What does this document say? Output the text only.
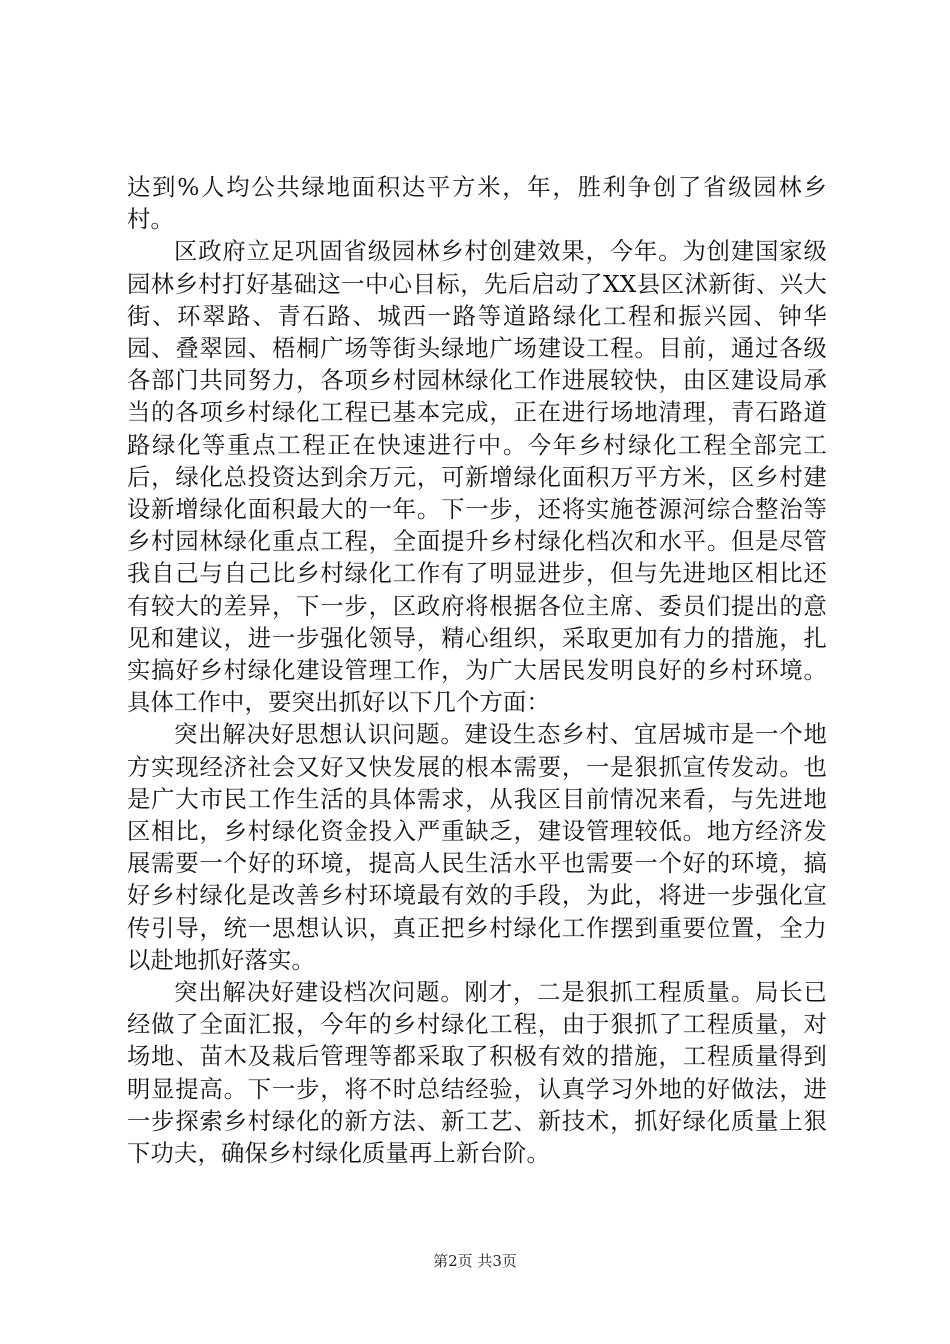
达到%人均公共绿地面积达平方米，年，胜利争创了省级园林乡村。

区政府立足巩固省级园林乡村创建效果，今年。为创建国家级园林乡村打好基础这一中心目标，先后启动了XX县区沭新街、兴大街、环翠路、青石路、城西一路等道路绿化工程和振兴园、钟华园、叠翠园、梧桐广场等街头绿地广场建设工程。目前，通过各级各部门共同努力，各项乡村园林绿化工作进展较快，由区建设局承当的各项乡村绿化工程已基本完成，正在进行场地清理，青石路道路绿化等重点工程正在快速进行中。今年乡村绿化工程全部完工后，绿化总投资达到余万元，可新增绿化面积万平方米，区乡村建设新增绿化面积最大的一年。下一步，还将实施苍源河综合整治等乡村园林绿化重点工程，全面提升乡村绿化档次和水平。但是尽管我自己与自己比乡村绿化工作有了明显进步，但与先进地区相比还有较大的差异，下一步，区政府将根据各位主席、委员们提出的意见和建议，进一步强化领导，精心组织，采取更加有力的措施，扎实搞好乡村绿化建设管理工作，为广大居民发明良好的乡村环境。具体工作中，要突出抓好以下几个方面：

突出解决好思想认识问题。建设生态乡村、宜居城市是一个地方实现经济社会又好又快发展的根本需要，一是狠抓宣传发动。也是广大市民工作生活的具体需求，从我区目前情况来看，与先进地区相比，乡村绿化资金投入严重缺乏，建设管理较低。地方经济发展需要一个好的环境，提高人民生活水平也需要一个好的环境，搞好乡村绿化是改善乡村环境最有效的手段，为此，将进一步强化宣传引导，统一思想认识，真正把乡村绿化工作摆到重要位置，全力以赴地抓好落实。

突出解决好建设档次问题。刚才，二是狠抓工程质量。局长已经做了全面汇报，今年的乡村绿化工程，由于狠抓了工程质量，对场地、苗木及栽后管理等都采取了积极有效的措施，工程质量得到明显提高。下一步，将不时总结经验，认真学习外地的好做法，进一步探索乡村绿化的新方法、新工艺、新技术，抓好绿化质量上狠下功夫，确保乡村绿化质量再上新台阶。

第2页 共3页
